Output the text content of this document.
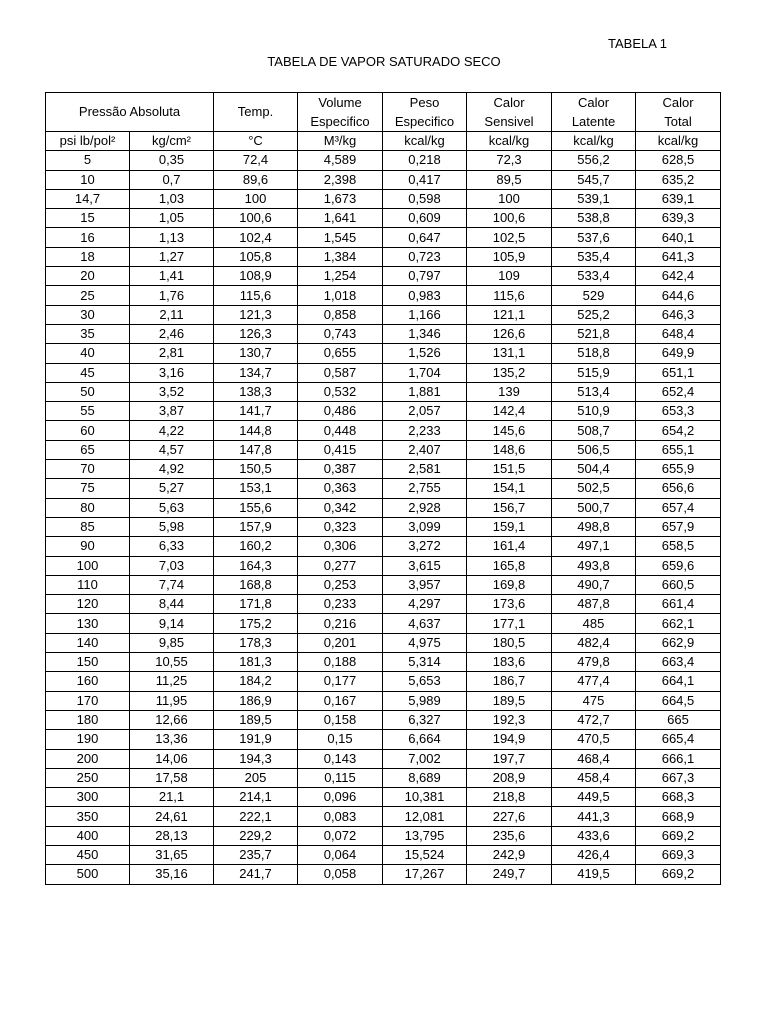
TABELA 1
TABELA DE VAPOR SATURADO SECO
Pressão Absoluta		Temp.	Volume	Peso	Calor	Calor	Calor
			Especifico	Especifico	Sensivel	Latente	Total
psi lb/pol²	kg/cm²	°C	M³/kg	kcal/kg	kcal/kg	kcal/kg	kcal/kg
5	0,35	72,4	4,589	0,218	72,3	556,2	628,5
10	0,7	89,6	2,398	0,417	89,5	545,7	635,2
14,7	1,03	100	1,673	0,598	100	539,1	639,1
15	1,05	100,6	1,641	0,609	100,6	538,8	639,3
16	1,13	102,4	1,545	0,647	102,5	537,6	640,1
18	1,27	105,8	1,384	0,723	105,9	535,4	641,3
20	1,41	108,9	1,254	0,797	109	533,4	642,4
25	1,76	115,6	1,018	0,983	115,6	529	644,6
30	2,11	121,3	0,858	1,166	121,1	525,2	646,3
35	2,46	126,3	0,743	1,346	126,6	521,8	648,4
40	2,81	130,7	0,655	1,526	131,1	518,8	649,9
45	3,16	134,7	0,587	1,704	135,2	515,9	651,1
50	3,52	138,3	0,532	1,881	139	513,4	652,4
55	3,87	141,7	0,486	2,057	142,4	510,9	653,3
60	4,22	144,8	0,448	2,233	145,6	508,7	654,2
65	4,57	147,8	0,415	2,407	148,6	506,5	655,1
70	4,92	150,5	0,387	2,581	151,5	504,4	655,9
75	5,27	153,1	0,363	2,755	154,1	502,5	656,6
80	5,63	155,6	0,342	2,928	156,7	500,7	657,4
85	5,98	157,9	0,323	3,099	159,1	498,8	657,9
90	6,33	160,2	0,306	3,272	161,4	497,1	658,5
100	7,03	164,3	0,277	3,615	165,8	493,8	659,6
110	7,74	168,8	0,253	3,957	169,8	490,7	660,5
120	8,44	171,8	0,233	4,297	173,6	487,8	661,4
130	9,14	175,2	0,216	4,637	177,1	485	662,1
140	9,85	178,3	0,201	4,975	180,5	482,4	662,9
150	10,55	181,3	0,188	5,314	183,6	479,8	663,4
160	11,25	184,2	0,177	5,653	186,7	477,4	664,1
170	11,95	186,9	0,167	5,989	189,5	475	664,5
180	12,66	189,5	0,158	6,327	192,3	472,7	665
190	13,36	191,9	0,15	6,664	194,9	470,5	665,4
200	14,06	194,3	0,143	7,002	197,7	468,4	666,1
250	17,58	205	0,115	8,689	208,9	458,4	667,3
300	21,1	214,1	0,096	10,381	218,8	449,5	668,3
350	24,61	222,1	0,083	12,081	227,6	441,3	668,9
400	28,13	229,2	0,072	13,795	235,6	433,6	669,2
450	31,65	235,7	0,064	15,524	242,9	426,4	669,3
500	35,16	241,7	0,058	17,267	249,7	419,5	669,2
